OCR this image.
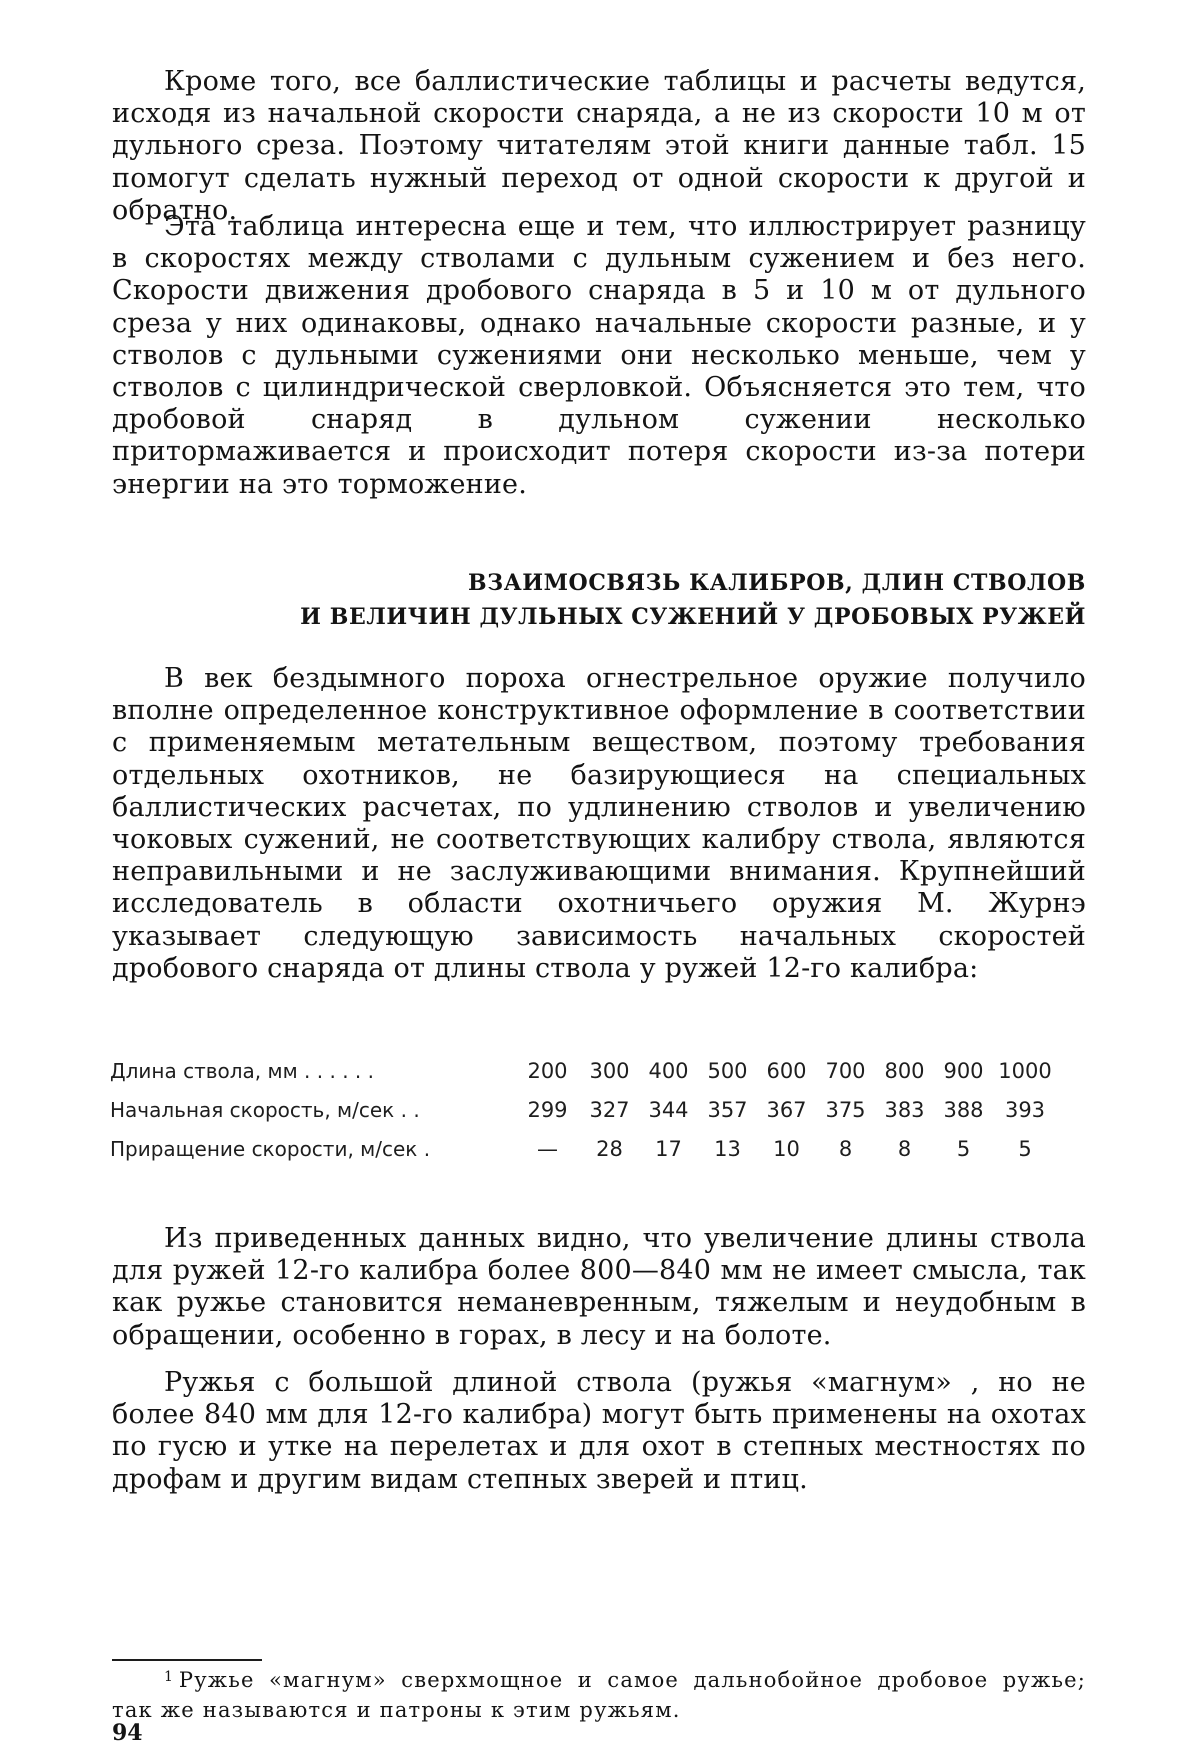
Кроме того, все баллистические таблицы и расчеты ведут­ся, исходя из начальной скорости снаряда, а не из скорости 10 м от дульного среза. Поэтому читателям этой книги дан­ные табл. 15 помогут сделать нужный переход от одной ско­рости к другой и обратно.

Эта таблица интересна еще и тем, что иллюстрирует раз­ницу в скоростях между стволами с дульным сужением и без него. Скорости движения дробового снаряда в 5 и 10 м от дульного среза у них одинаковы, однако начальные скорости разные, и у стволов с дульными сужениями они несколько меньше, чем у стволов с цилиндрической сверловкой. Объясня­ется это тем, что дробовой снаряд в дульном сужении несколь­ко притормаживается и происходит потеря скорости из-за потери энергии на это торможение.

ВЗАИМОСВЯЗЬ КАЛИБРОВ, ДЛИН СТВОЛОВ
И ВЕЛИЧИН ДУЛЬНЫХ СУЖЕНИЙ У ДРОБОВЫХ РУЖЕЙ

В век бездымного пороха огнестрельное оружие получило вполне определенное конструктивное оформление в соответст­вии с применяемым метательным веществом, поэтому требова­ния отдельных охотников, не базирующиеся на специальных баллистических расчетах, по удлинению стволов и увеличе­нию чоковых сужений, не соответствующих калибру ствола, являются неправильными и не заслуживающими внимания. Крупнейший исследователь в области охотничьего оружия М. Журнэ указывает следующую зависимость начальных ско­ростей дробового снаряда от длины ствола у ружей 12-го ка­либра:

Длина ствола, мм . . . . . .	200	300	400	500	600	700	800	900	1000
Начальная скорость, м/сек . .	299	327	344	357	367	375	383	388	393
Приращение скорости, м/сек .	—	28	17	13	10	8	8	5	5

Из приведенных данных видно, что увеличение длины ствола для ружей 12-го калибра более 800—840 мм не имеет смысла, так как ружье становится неманевренным, тяжелым и неудобным в обращении, особенно в горах, в лесу и на болоте.

Ружья с большой длиной ствола (ружья «магнум» , но не более 840 мм для 12-го калибра) могут быть применены на охотах по гусю и утке на перелетах и для охот в степных местностях по дрофам и другим видам степных зверей и птиц.

1 Ружье «магнум» сверхмощное и самое дальнобойное дробовое ружье; так же называются и патроны к этим ружьям.

94
